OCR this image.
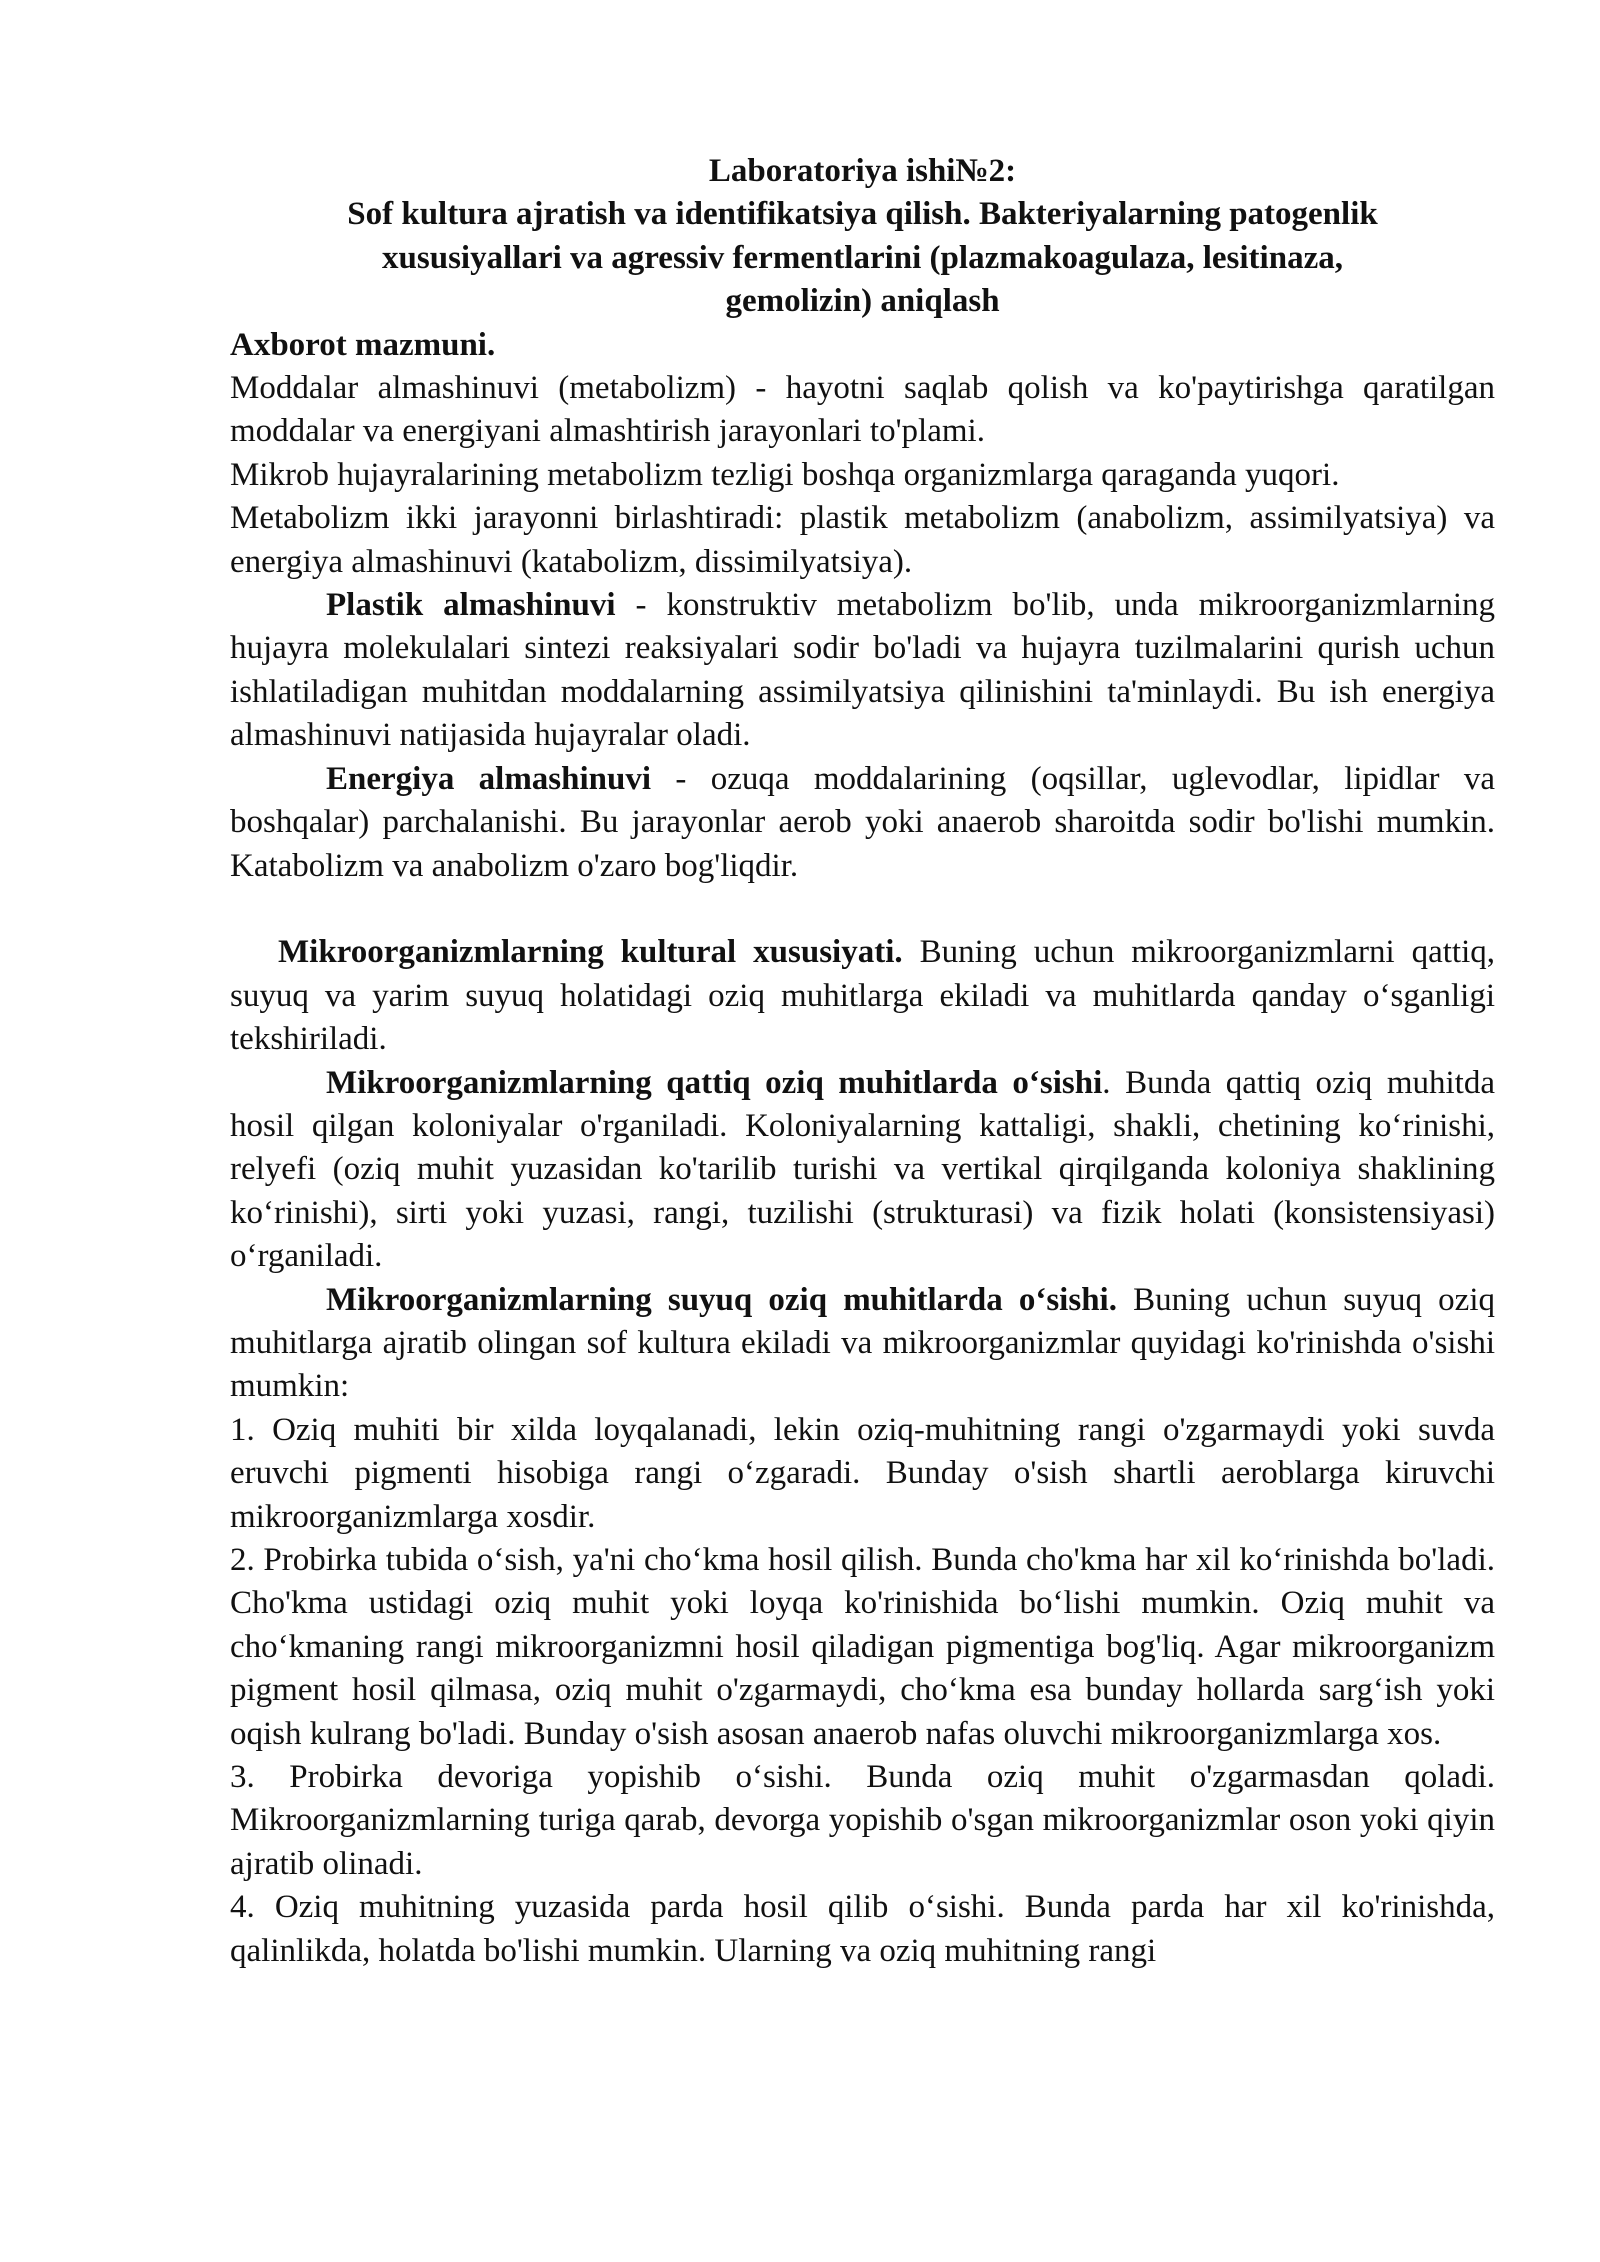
Laboratoriya ishi№2:
Sof kultura ajratish va identifikatsiya qilish. Bakteriyalarning patogenlik
xususiyallari va agressiv fermentlarini (plazmakoagulaza, lesitinaza,
gemolizin) aniqlash
Axborot mazmuni.

Moddalar almashinuvi (metabolizm) - hayotni saqlab qolish va ko'paytirishga qaratilgan moddalar va energiyani almashtirish jarayonlari to'plami.

Mikrob hujayralarining metabolizm tezligi boshqa organizmlarga qaraganda yuqori.

Metabolizm ikki jarayonni birlashtiradi: plastik metabolizm (anabolizm, assimilyatsiya) va energiya almashinuvi (katabolizm, dissimilyatsiya).

Plastik almashinuvi - konstruktiv metabolizm bo'lib, unda mikroorganizmlarning hujayra molekulalari sintezi reaksiyalari sodir bo'ladi va hujayra tuzilmalarini qurish uchun ishlatiladigan muhitdan moddalarning assimilyatsiya qilinishini ta'minlaydi. Bu ish energiya almashinuvi natijasida hujayralar oladi.

Energiya almashinuvi - ozuqa moddalarining (oqsillar, uglevodlar, lipidlar va boshqalar) parchalanishi. Bu jarayonlar aerob yoki anaerob sharoitda sodir bo'lishi mumkin. Katabolizm va anabolizm o'zaro bog'liqdir.

Mikroorganizmlarning kultural xususiyati. Buning uchun mikroorganizmlarni qattiq, suyuq va yarim suyuq holatidagi oziq muhitlarga ekiladi va muhitlarda qanday o‘sganligi tekshiriladi.

Mikroorganizmlarning qattiq oziq muhitlarda o‘sishi. Bunda qattiq oziq muhitda hosil qilgan koloniyalar o'rganiladi. Koloniyalarning kattaligi, shakli, chetining ko‘rinishi, relyefi (oziq muhit yuzasidan ko'tarilib turishi va vertikal qirqilganda koloniya shaklining ko‘rinishi), sirti yoki yuzasi, rangi, tuzilishi (strukturasi) va fizik holati (konsistensiyasi) o‘rganiladi.

Mikroorganizmlarning suyuq oziq muhitlarda o‘sishi. Buning uchun suyuq oziq muhitlarga ajratib olingan sof kultura ekiladi va mikroorganizmlar quyidagi ko'rinishda o'sishi mumkin:

1. Oziq muhiti bir xilda loyqalanadi, lekin oziq-muhitning rangi o'zgarmaydi yoki suvda eruvchi pigmenti hisobiga rangi o‘zgaradi. Bunday o'sish shartli aeroblarga kiruvchi mikroorganizmlarga xosdir.

2. Probirka tubida o‘sish, ya'ni cho‘kma hosil qilish. Bunda cho'kma har xil ko‘rinishda bo'ladi. Cho'kma ustidagi oziq muhit yoki loyqa ko'rinishida bo‘lishi mumkin. Oziq muhit va cho‘kmaning rangi mikroorganizmni hosil qiladigan pigmentiga bog'liq. Agar mikroorganizm pigment hosil qilmasa, oziq muhit o'zgarmaydi, cho‘kma esa bunday hollarda sarg‘ish yoki oqish kulrang bo'ladi. Bunday o'sish asosan anaerob nafas oluvchi mikroorganizmlarga xos.

3. Probirka devoriga yopishib o‘sishi. Bunda oziq muhit o'zgarmasdan qoladi. Mikroorganizmlarning turiga qarab, devorga yopishib o'sgan mikroorganizmlar oson yoki qiyin ajratib olinadi.

4. Oziq muhitning yuzasida parda hosil qilib o‘sishi. Bunda parda har xil ko'rinishda, qalinlikda, holatda bo'lishi mumkin. Ularning va oziq muhitning rangi
